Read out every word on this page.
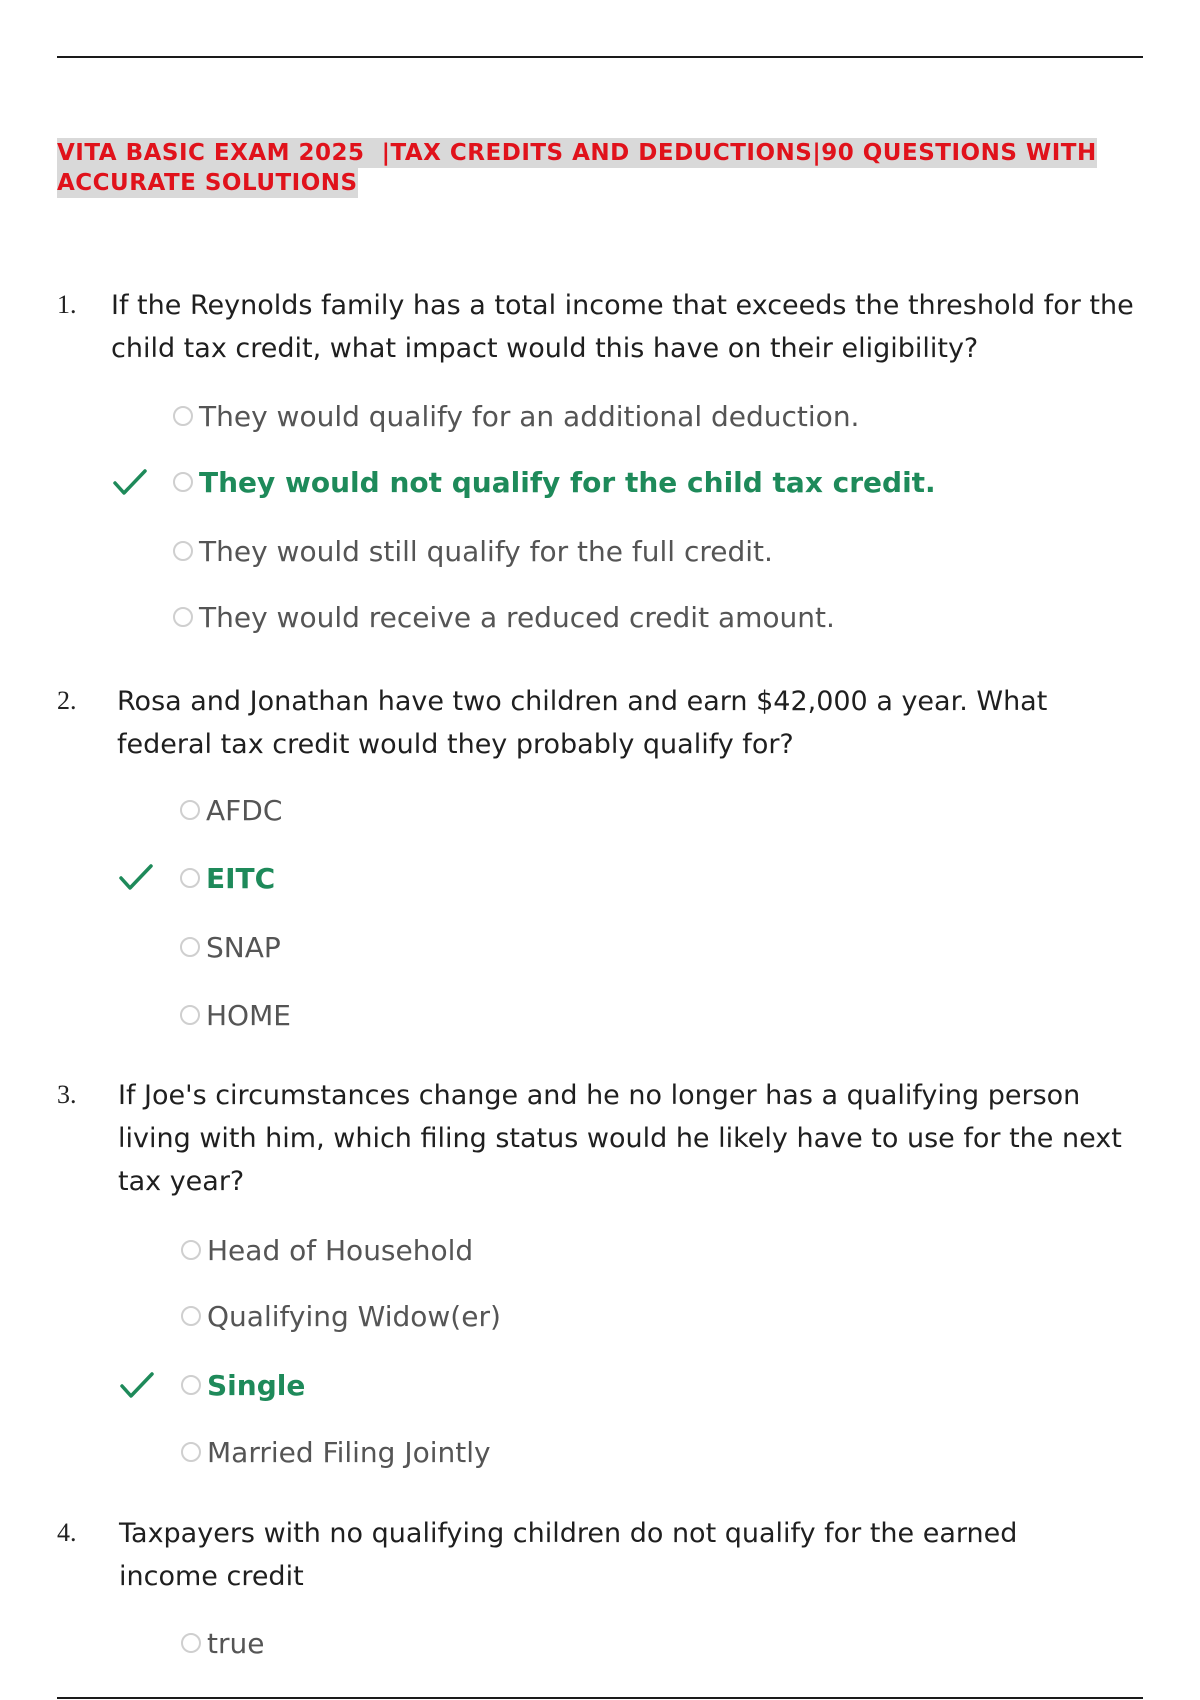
VITA BASIC EXAM 2025  |TAX CREDITS AND DEDUCTIONS|90 QUESTIONS WITH
ACCURATE SOLUTIONS
1. If the Reynolds family has a total income that exceeds the threshold for the child tax credit, what impact would this have on their eligibility?
They would qualify for an additional deduction.
They would not qualify for the child tax credit.
They would still qualify for the full credit.
They would receive a reduced credit amount.
2. Rosa and Jonathan have two children and earn $42,000 a year. What federal tax credit would they probably qualify for?
AFDC
EITC
SNAP
HOME
3. If Joe's circumstances change and he no longer has a qualifying person living with him, which filing status would he likely have to use for the next tax year?
Head of Household
Qualifying Widow(er)
Single
Married Filing Jointly
4. Taxpayers with no qualifying children do not qualify for the earned income credit
true
